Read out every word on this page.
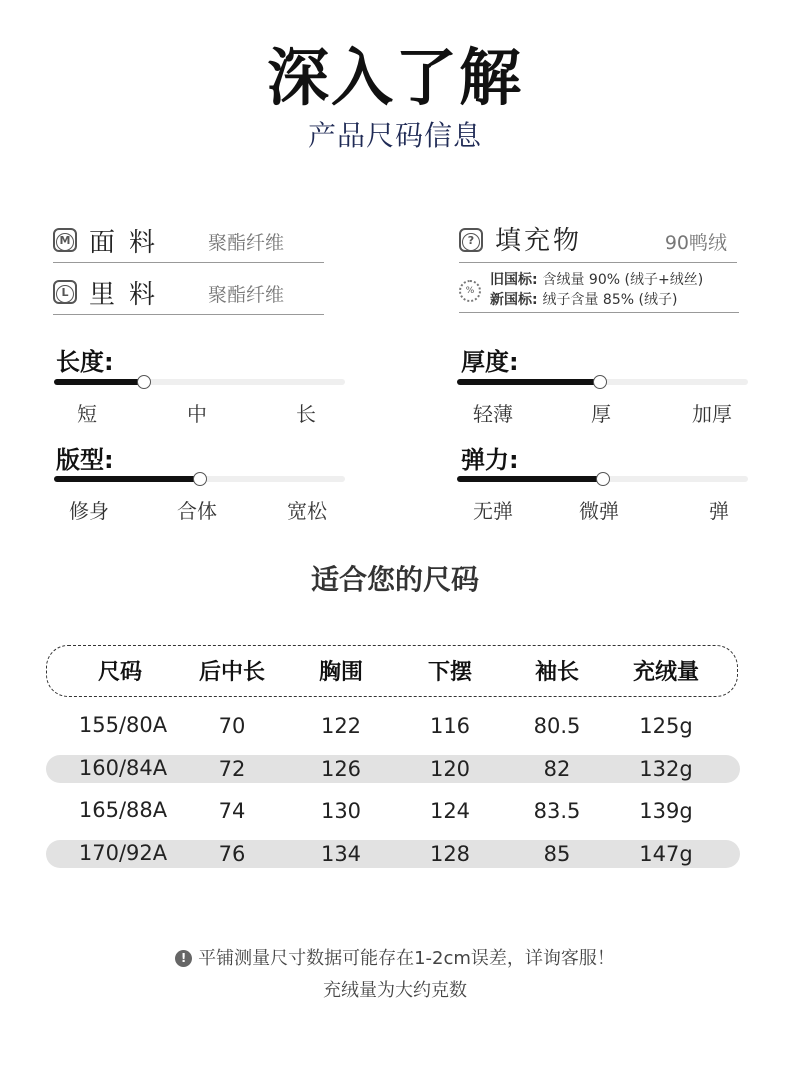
深入了解
产品尺码信息
M 面料 聚酯纤维
L 里料 聚酯纤维
? 填充物	90鸭绒
%
旧国标: 含绒量 90% (绒子+绒丝)
新国标: 绒子含量 85% (绒子)
长度:
短	中	长
厚度:
轻薄	厚	加厚
版型:
修身	合体	宽松
弹力:
无弹	微弹	弹
适合您的尺码
尺码	后中长	胸围	下摆	袖长	充绒量
155/80A	70	122	116	80.5	125g
160/84A	72	126	120	82	132g
165/88A	74	130	124	83.5	139g
170/92A	76	134	128	85	147g
! 平铺测量尺寸数据可能存在1-2cm误差，详询客服！
充绒量为大约克数
